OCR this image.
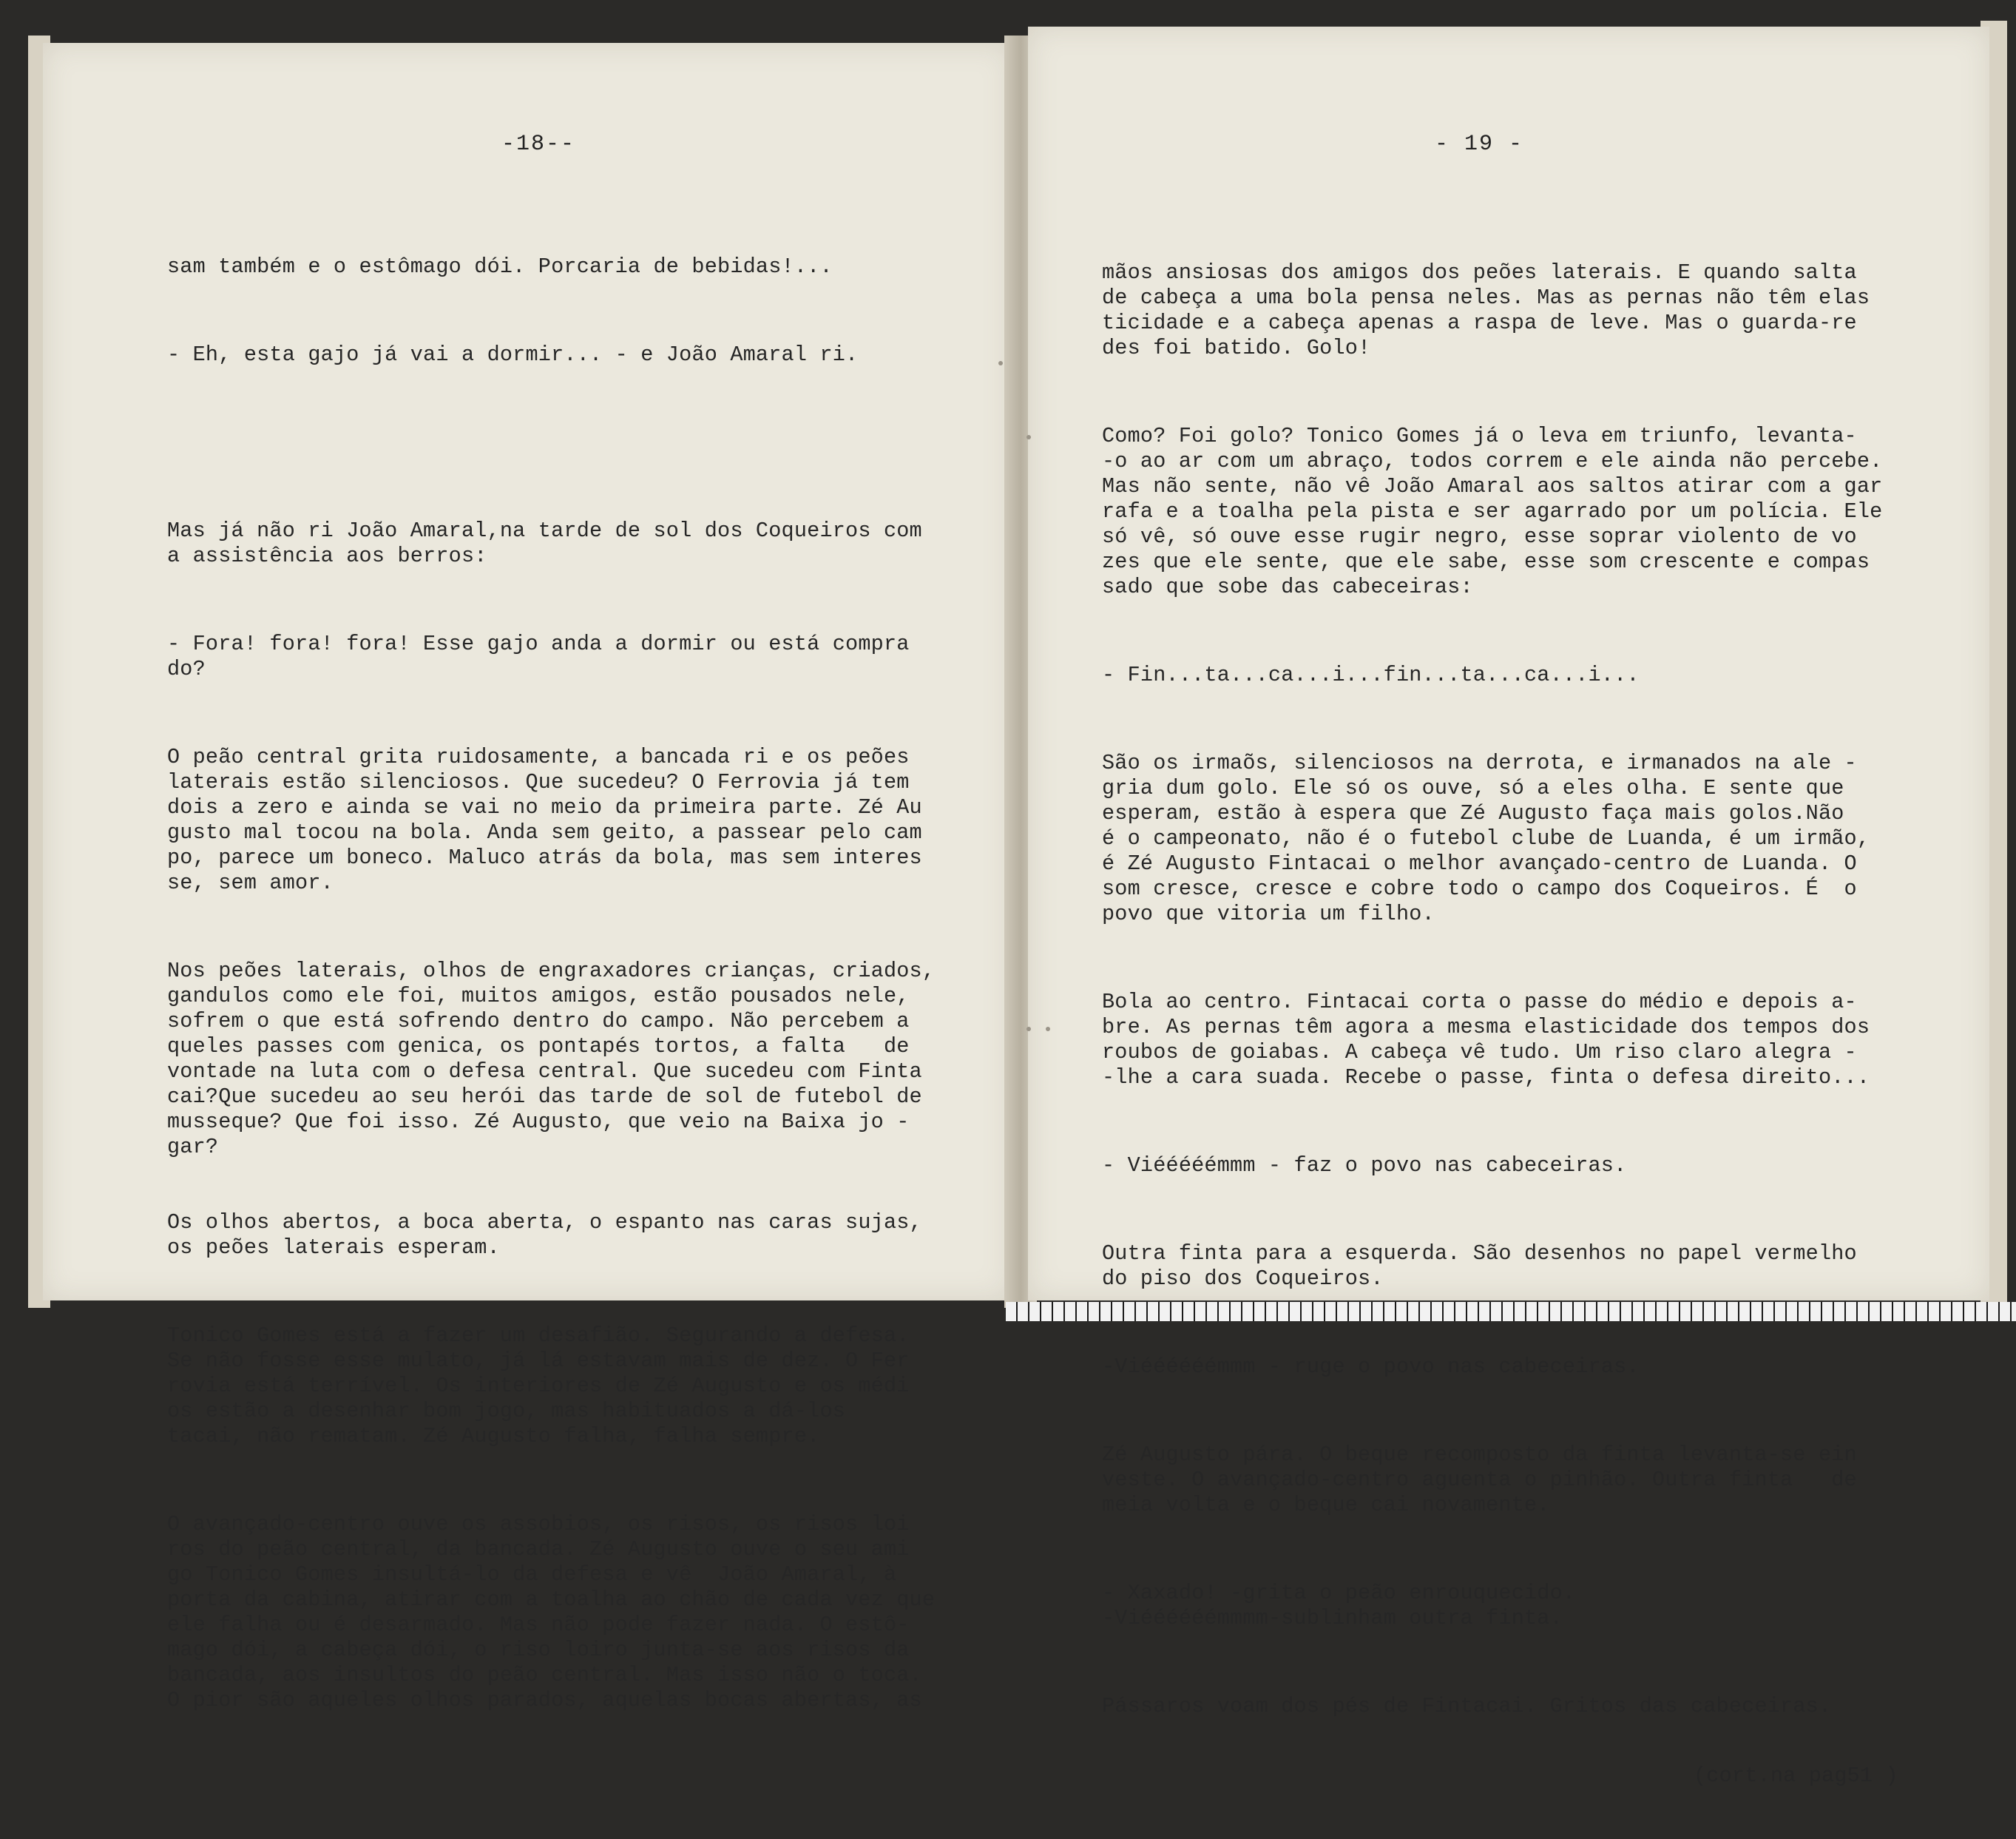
-18--

sam também e o estômago dói. Porcaria de bebidas!...

- Eh, esta gajo já vai a dormir... - e João Amaral ri.

Mas já não ri João Amaral,na tarde de sol dos Coqueiros com
a assistência aos berros:

- Fora! fora! fora! Esse gajo anda a dormir ou está compra
do?

O peão central grita ruidosamente, a bancada ri e os peões
laterais estão silenciosos. Que sucedeu? O Ferrovia já tem
dois a zero e ainda se vai no meio da primeira parte. Zé Au
gusto mal tocou na bola. Anda sem geito, a passear pelo cam
po, parece um boneco. Maluco atrás da bola, mas sem interes
se, sem amor.

Nos peões laterais, olhos de engraxadores crianças, criados,
gandulos como ele foi, muitos amigos, estão pousados nele,
sofrem o que está sofrendo dentro do campo. Não percebem a
queles passes com genica, os pontapés tortos, a falta   de
vontade na luta com o defesa central. Que sucedeu com Finta
cai?Que sucedeu ao seu herói das tarde de sol de futebol de
musseque? Que foi isso. Zé Augusto, que veio na Baixa jo -
gar?

Os olhos abertos, a boca aberta, o espanto nas caras sujas,
os peões laterais esperam.

Tonico Gomes está a fazer um desafião. Segurando a defesa.
Se não fosse esse mulato, já lá estavam mais de dez. O Fer
rovia está terrível. Os interiores de Zé Augusto e os médi
os estão a desenhar bom jogo, mas habituados a dá-los
tacai, não rematam. Zé Augusto falha, falha sempre.

O avançado-centro ouve os assobios, os risos, os risos loi
ros do peão central, da bancada. Zé Augusto ouve o seu ami
go Tonico Gomes insultá-lo da defesa e vê  João Amaral, à
porta da cabina, atirar com a toalha ao chão de cada vez que
ele falha ou é desarmado. Mas não pode fazer nada. O estô-
mago dói, a cabeça dói, o riso loiro junta-se aos risos da
bancada, aos insultos do peão central. Mas isso não o toca.
O pior são aqueles olhos parados, aquelas bocas abertas, as

- 19 -

mãos ansiosas dos amigos dos peões laterais. E quando salta
de cabeça a uma bola pensa neles. Mas as pernas não têm elas
ticidade e a cabeça apenas a raspa de leve. Mas o guarda-re
des foi batido. Golo!

Como? Foi golo? Tonico Gomes já o leva em triunfo, levanta-
-o ao ar com um abraço, todos correm e ele ainda não percebe.
Mas não sente, não vê João Amaral aos saltos atirar com a gar
rafa e a toalha pela pista e ser agarrado por um polícia. Ele
só vê, só ouve esse rugir negro, esse soprar violento de vo
zes que ele sente, que ele sabe, esse som crescente e compas
sado que sobe das cabeceiras:

- Fin...ta...ca...i...fin...ta...ca...i...

São os irmaõs, silenciosos na derrota, e irmanados na ale -
gria dum golo. Ele só os ouve, só a eles olha. E sente que
esperam, estão à espera que Zé Augusto faça mais golos.Não
é o campeonato, não é o futebol clube de Luanda, é um irmão,
é Zé Augusto Fintacai o melhor avançado-centro de Luanda. O
som cresce, cresce e cobre todo o campo dos Coqueiros. É  o
povo que vitoria um filho.

Bola ao centro. Fintacai corta o passe do médio e depois a-
bre. As pernas têm agora a mesma elasticidade dos tempos dos
roubos de goiabas. A cabeça vê tudo. Um riso claro alegra -
-lhe a cara suada. Recebe o passe, finta o defesa direito...

- Viééééémmm - faz o povo nas cabeceiras.

Outra finta para a esquerda. São desenhos no papel vermelho
do piso dos Coqueiros.

-Viéééééémmm - ruge o povo nas cabeceiras.

Zé Augusto pára. O beque recomposto da finta levanta-se ein
veste. O avançado-centro aguenta o pinhão. Outra finta   de
meia volta e o beque cai novamente.

- Xaxado! -grita o peão enrouquecido.
-Viéééééémmmm-sublinham outra finta.

Pássaros voam dos pés de Fintacai. Gritos das cabeceiras.

(cort.na pag51 )
